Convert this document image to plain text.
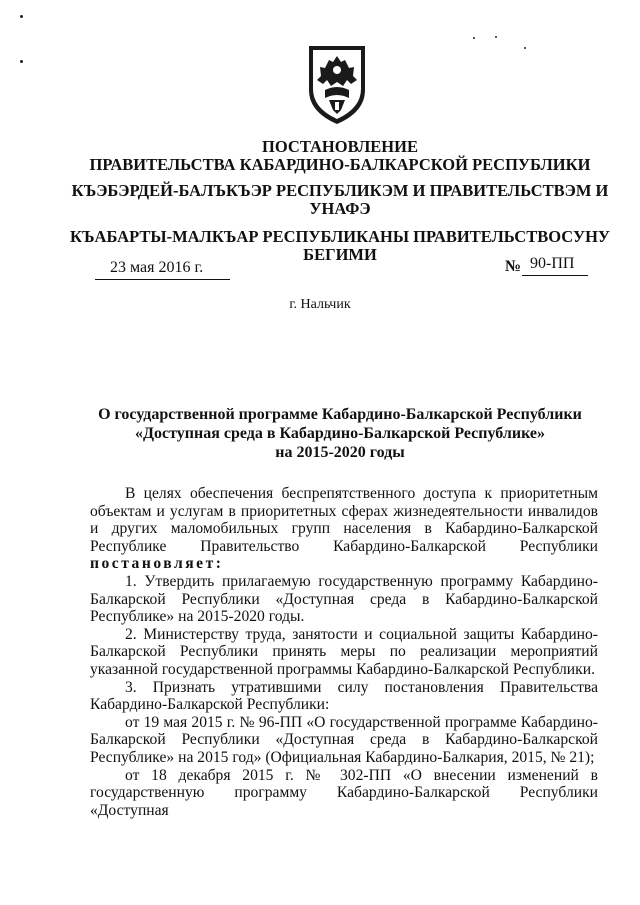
ПОСТАНОВЛЕНИЕ
ПРАВИТЕЛЬСТВА КАБАРДИНО-БАЛКАРСКОЙ РЕСПУБЛИКИ
КЪЭБЭРДЕЙ-БАЛЪКЪЭР РЕСПУБЛИКЭМ И ПРАВИТЕЛЬСТВЭМ И
УНАФЭ
КЪАБАРТЫ-МАЛКЪАР РЕСПУБЛИКАНЫ ПРАВИТЕЛЬСТВОСУНУ
БЕГИМИ
23 мая 2016 г.	№ 90-ПП
г. Нальчик
О государственной программе Кабардино-Балкарской Республики
«Доступная среда в Кабардино-Балкарской Республике»
на 2015-2020 годы

В целях обеспечения беспрепятственного доступа к приоритетным объектам и услугам в приоритетных сферах жизнедеятельности инвалидов и других маломобильных групп населения в Кабардино-Балкарской Республике Правительство Кабардино-Балкарской Республики постановляет:

1. Утвердить прилагаемую государственную программу Кабардино-Балкарской Республики «Доступная среда в Кабардино-Балкарской Республике» на 2015-2020 годы.

2. Министерству труда, занятости и социальной защиты Кабардино-Балкарской Республики принять меры по реализации мероприятий указанной государственной программы Кабардино-Балкарской Республики.

3. Признать утратившими силу постановления Правительства Кабардино-Балкарской Республики:

от 19 мая 2015 г. № 96-ПП «О государственной программе Кабардино-Балкарской Республики «Доступная среда в Кабардино-Балкарской Республике» на 2015 год» (Официальная Кабардино-Балкария, 2015, № 21);

от 18 декабря 2015 г. № 302-ПП «О внесении изменений в государственную программу Кабардино-Балкарской Республики «Доступная
